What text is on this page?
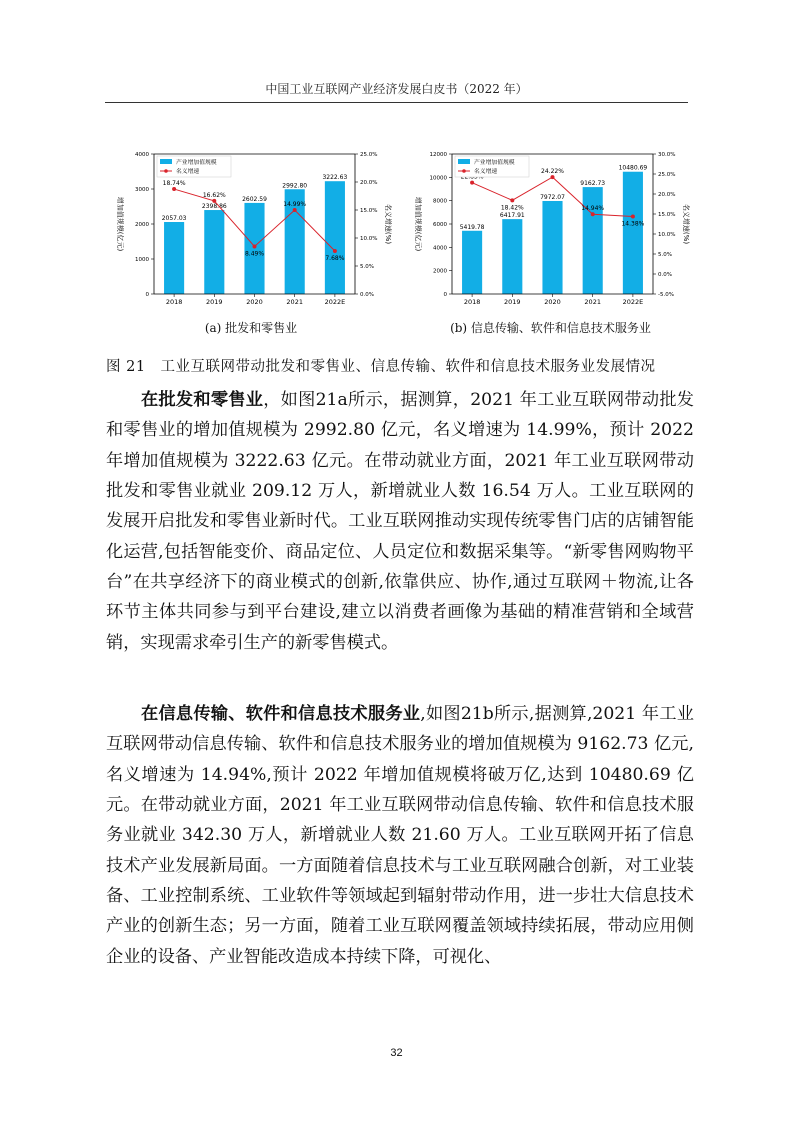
中国工业互联网产业经济发展白皮书（2022 年）
0
1000
2000
3000
4000
0.0%
5.0%
10.0%
15.0%
20.0%
25.0%
2018	2019	2020	2021	2022E
增加值规模(亿元)	名义增速(%)
2057.03
2398.86
2602.59
2992.80
3222.63
18.74%
16.62%
8.49%
14.99%
7.68%
产业增加值规模
名义增速
0
2000
4000
6000
8000
10000
12000
-5.0%
0.0%
5.0%
10.0%
15.0%
20.0%
25.0%
30.0%
2018	2019	2020	2021	2022E
增加值规模(亿元)	名义增速(%)
5419.78
6417.91
7972.07
9162.73
10480.69
18.42%
24.22%
14.94%
14.38%
产业增加值规模
名义增速
(a) 批发和零售业	(b) 信息传输、软件和信息技术服务业
图 21　工业互联网带动批发和零售业、信息传输、软件和信息技术服务业发展情况

在批发和零售业，如图21a所示，据测算，2021 年工业互联网带动批发和零售业的增加值规模为 2992.80 亿元，名义增速为 14.99%，预计 2022 年增加值规模为 3222.63 亿元。在带动就业方面，2021 年工业互联网带动批发和零售业就业 209.12 万人，新增就业人数 16.54 万人。工业互联网的发展开启批发和零售业新时代。工业互联网推动实现传统零售门店的店铺智能化运营,包括智能变价、商品定位、人员定位和数据采集等。“新零售网购物平台”在共享经济下的商业模式的创新,依靠供应、协作,通过互联网＋物流,让各环节主体共同参与到平台建设,建立以消费者画像为基础的精准营销和全域营销，实现需求牵引生产的新零售模式。

在信息传输、软件和信息技术服务业,如图21b所示,据测算,2021 年工业互联网带动信息传输、软件和信息技术服务业的增加值规模为 9162.73 亿元,名义增速为 14.94%,预计 2022 年增加值规模将破万亿,达到 10480.69 亿元。在带动就业方面，2021 年工业互联网带动信息传输、软件和信息技术服务业就业 342.30 万人，新增就业人数 21.60 万人。工业互联网开拓了信息技术产业发展新局面。一方面随着信息技术与工业互联网融合创新，对工业装备、工业控制系统、工业软件等领域起到辐射带动作用，进一步壮大信息技术产业的创新生态；另一方面，随着工业互联网覆盖领域持续拓展，带动应用侧企业的设备、产业智能改造成本持续下降，可视化、

32
